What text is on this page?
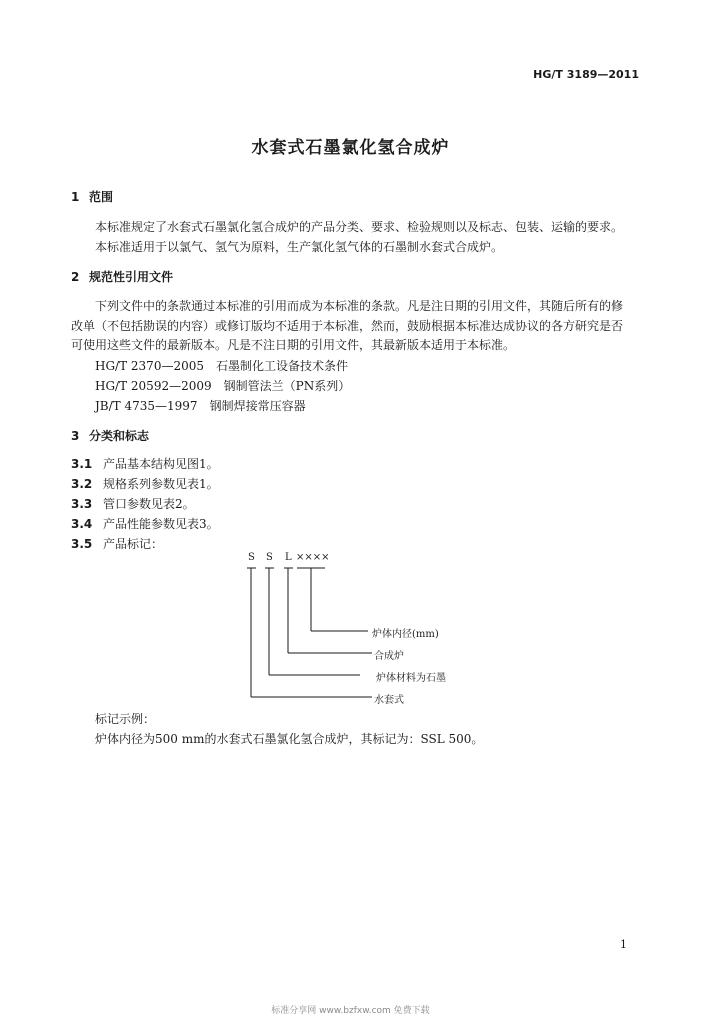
HG/T 3189—2011
水套式石墨氯化氢合成炉
1 范围
本标准规定了水套式石墨氯化氢合成炉的产品分类、要求、检验规则以及标志、包装、运输的要求。
本标准适用于以氯气、氢气为原料，生产氯化氢气体的石墨制水套式合成炉。
2 规范性引用文件
下列文件中的条款通过本标准的引用而成为本标准的条款。凡是注日期的引用文件，其随后所有的修改单（不包括勘误的内容）或修订版均不适用于本标准，然而，鼓励根据本标准达成协议的各方研究是否可使用这些文件的最新版本。凡是不注日期的引用文件，其最新版本适用于本标准。
HG/T 2370—2005 石墨制化工设备技术条件
HG/T 20592—2009 钢制管法兰（PN系列）
JB/T 4735—1997 钢制焊接常压容器
3 分类和标志
3.1 产品基本结构见图1。
3.2 规格系列参数见表1。
3.3 管口参数见表2。
3.4 产品性能参数见表3。
3.5 产品标记：
S S L ××××
炉体内径(mm)
合成炉
炉体材料为石墨
水套式
标记示例：
炉体内径为500 mm的水套式石墨氯化氢合成炉，其标记为：SSL 500。
1
标准分享网 www.bzfxw.com 免费下载
